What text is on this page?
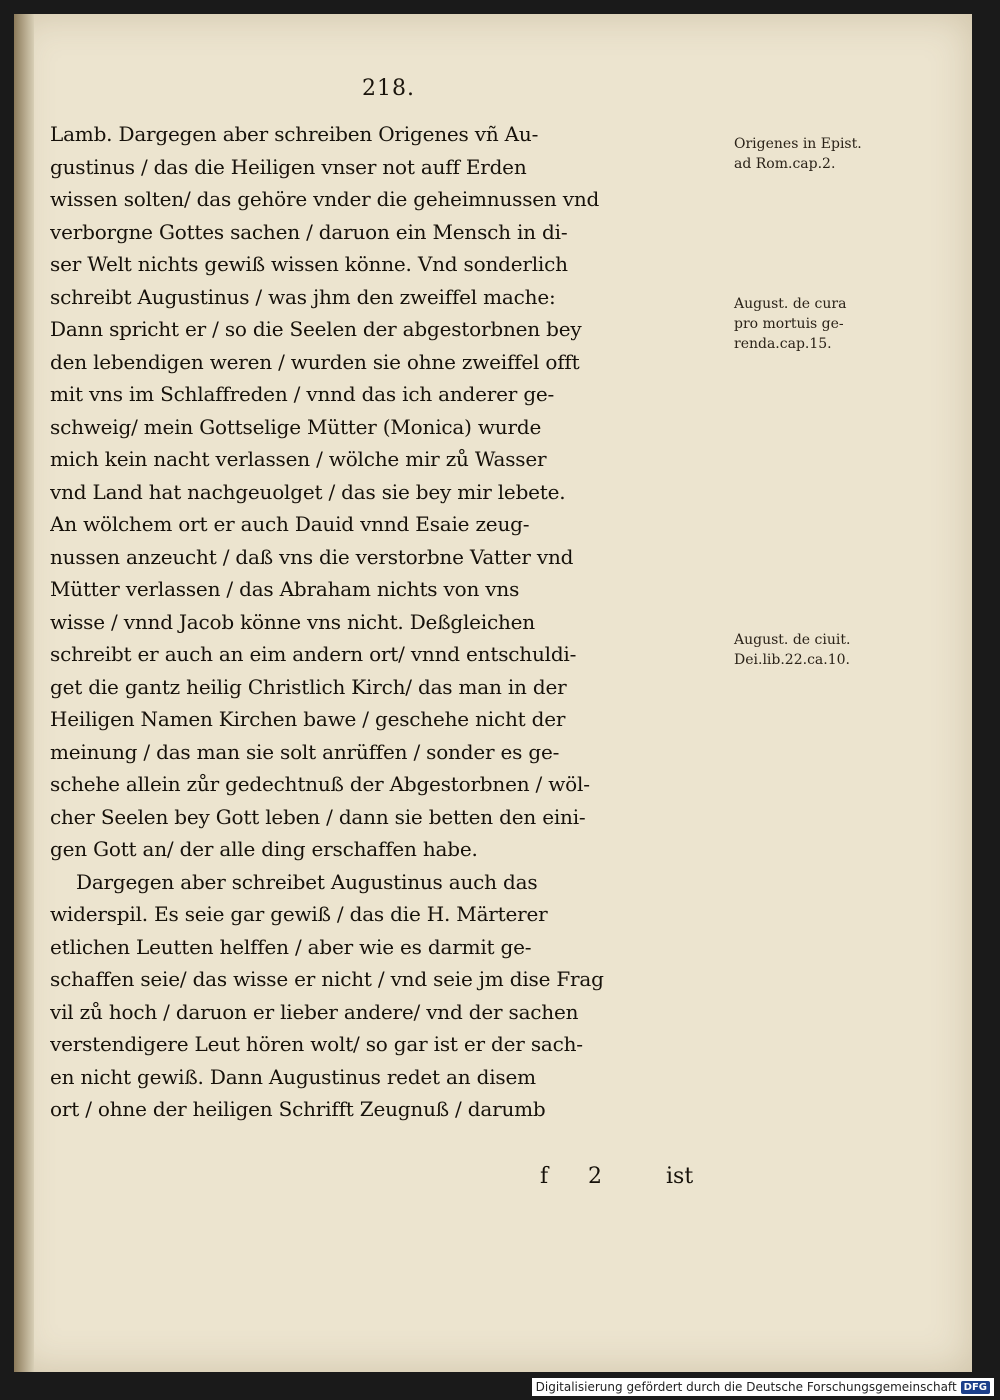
218.
Lamb. Dargegen aber schreiben Origenes vñ Au-
gustinus / das die Heiligen vnser not auff Erden
wissen solten/ das gehöre vnder die geheimnussen vnd
verborgne Gottes sachen / daruon ein Mensch in di-
ser Welt nichts gewiß wissen könne. Vnd sonderlich
schreibt Augustinus / was jhm den zweiffel mache:
Dann spricht er / so die Seelen der abgestorbnen bey
den lebendigen weren / wurden sie ohne zweiffel offt
mit vns im Schlaffreden / vnnd das ich anderer ge-
schweig/ mein Gottselige Mütter (Monica) wurde
mich kein nacht verlassen / wölche mir zů Wasser
vnd Land hat nachgeuolget / das sie bey mir lebete.
An wölchem ort er auch Dauid vnnd Esaie zeug-
nussen anzeucht / daß vns die verstorbne Vatter vnd
Mütter verlassen / das Abraham nichts von vns
wisse / vnnd Jacob könne vns nicht. Deßgleichen
schreibt er auch an eim andern ort/ vnnd entschuldi-
get die gantz heilig Christlich Kirch/ das man in der
Heiligen Namen Kirchen bawe / geschehe nicht der
meinung / das man sie solt anrüffen / sonder es ge-
schehe allein zůr gedechtnuß der Abgestorbnen / wöl-
cher Seelen bey Gott leben / dann sie betten den eini-
gen Gott an/ der alle ding erschaffen habe.
Dargegen aber schreibet Augustinus auch das
widerspil. Es seie gar gewiß / das die H. Märterer
etlichen Leutten helffen / aber wie es darmit ge-
schaffen seie/ das wisse er nicht / vnd seie jm dise Frag
vil zů hoch / daruon er lieber andere/ vnd der sachen
verstendigere Leut hören wolt/ so gar ist er der sach-
en nicht gewiß. Dann Augustinus redet an disem
ort / ohne der heiligen Schrifft Zeugnuß / darumb
Origenes in Epist.
ad Rom.cap.2.
August. de cura
pro mortuis ge-
renda.cap.15.
August. de ciuit.
Dei.lib.22.ca.10.
f 2	ist
Digitalisierung gefördert durch die Deutsche Forschungsgemeinschaft DFG
